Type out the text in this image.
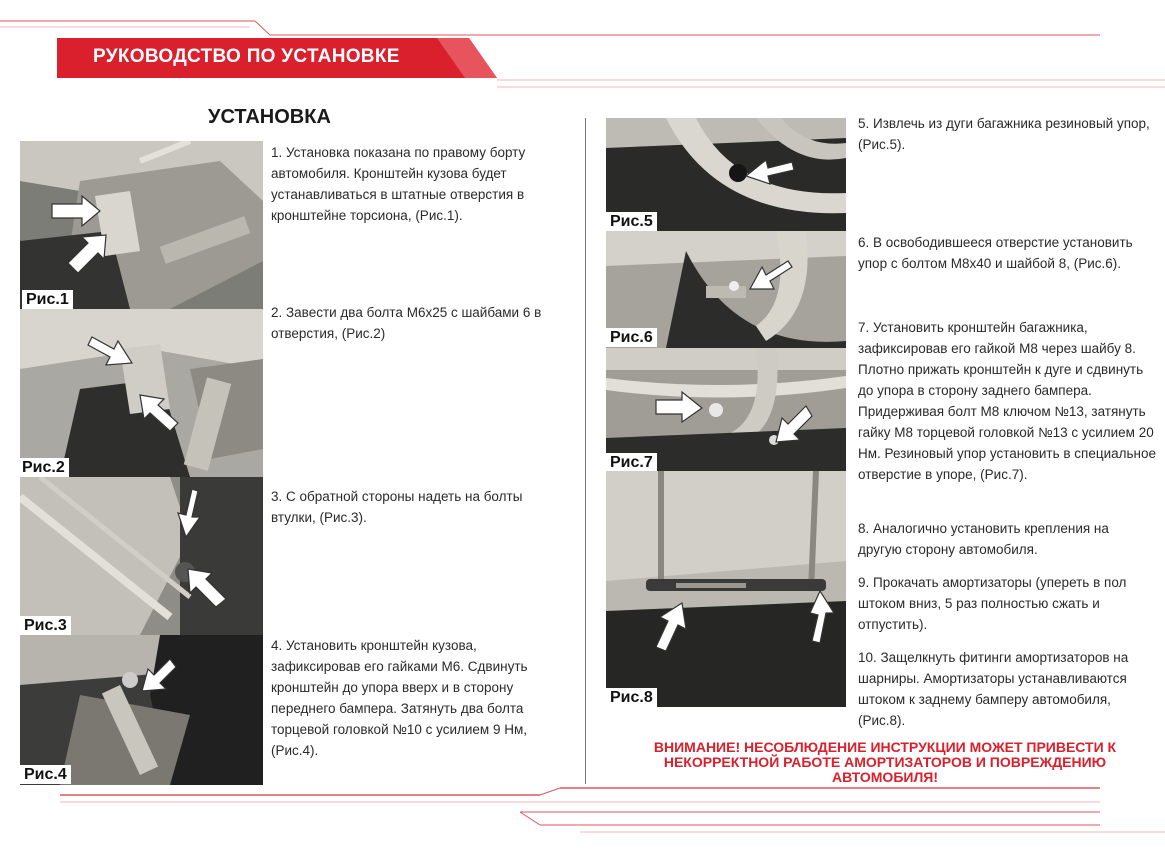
РУКОВОДСТВО ПО УСТАНОВКЕ
УСТАНОВКА
Рис.1
Рис.2
Рис.3
Рис.4

1. Установка показана по правому борту автомобиля. Кронштейн кузова будет устанавливаться в штатные отверстия в кронштейне торсиона, (Рис.1).

2. Завести два болта М6х25 с шайбами 6 в отверстия, (Рис.2)

3. С обратной стороны надеть на болты втулки, (Рис.3).

4. Установить кронштейн кузова, зафиксировав его гайками М6. Сдвинуть кронштейн до упора вверх и в сторону переднего бампера. Затянуть два болта торцевой головкой №10 с усилием 9 Нм, (Рис.4).

Рис.5
Рис.6
Рис.7
Рис.8

5. Извлечь из дуги багажника резиновый упор, (Рис.5).

6. В освободившееся отверстие установить упор с болтом М8х40 и шайбой 8, (Рис.6).

7. Установить кронштейн багажника, зафиксировав его гайкой М8 через шайбу 8. Плотно прижать кронштейн к дуге и сдвинуть до упора в сторону заднего бампера. Придерживая болт М8 ключом №13, затянуть гайку М8 торцевой головкой №13 с усилием 20 Нм. Резиновый упор установить в специальное отверстие в упоре, (Рис.7).

8. Аналогично установить крепления на другую сторону автомобиля.

9. Прокачать амортизаторы (упереть в пол штоком вниз, 5 раз полностью сжать и отпустить).

10. Защелкнуть фитинги амортизаторов на шарниры. Амортизаторы устанавливаются штоком к заднему бамперу автомобиля, (Рис.8).

ВНИМАНИЕ! НЕСОБЛЮДЕНИЕ ИНСТРУКЦИИ МОЖЕТ ПРИВЕСТИ К
НЕКОРРЕКТНОЙ РАБОТЕ АМОРТИЗАТОРОВ И ПОВРЕЖДЕНИЮ
АВТОМОБИЛЯ!
